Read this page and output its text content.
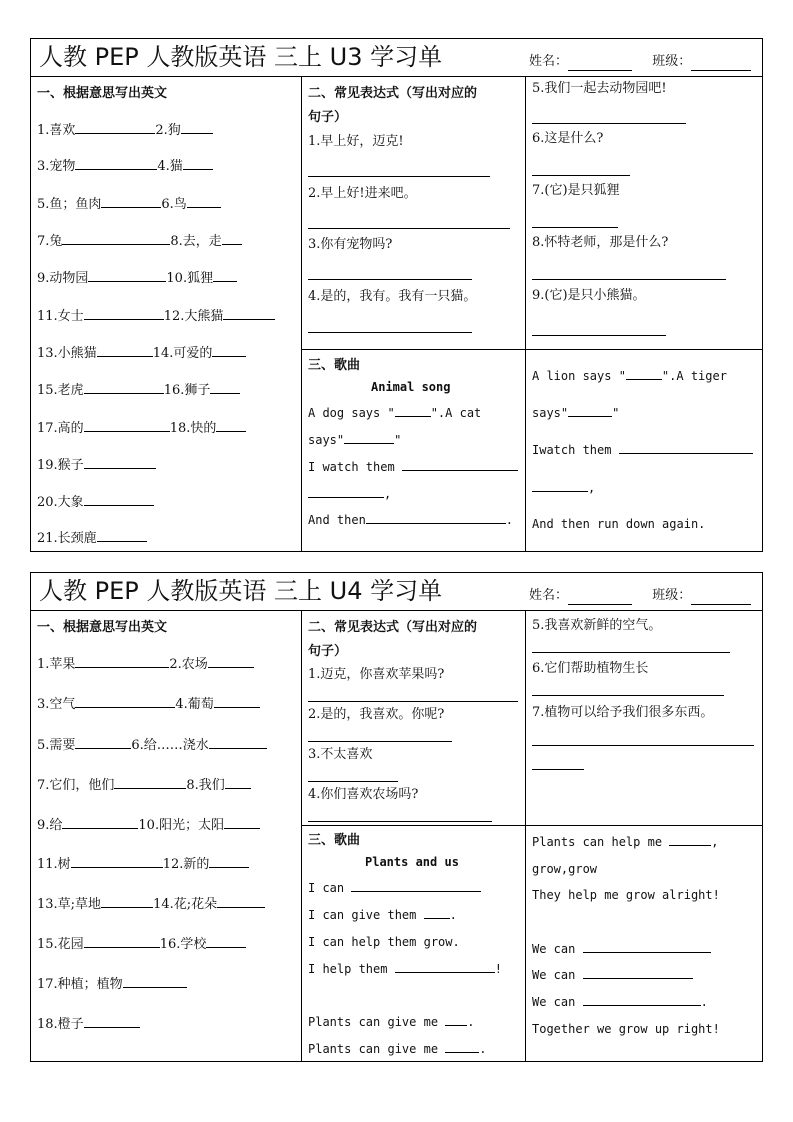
人教 PEP 人教版英语 三上 U3 学习单	姓名：	班级：
一、根据意思写出英文
1.喜欢	2.狗
3.宠物	4.猫
5.鱼；鱼肉	6.鸟
7.兔	8.去，走
9.动物园	10.狐狸
11.女士	12.大熊猫
13.小熊猫	14.可爱的
15.老虎	16.狮子
17.高的	18.快的
19.猴子
20.大象
21.长颈鹿
二、常见表达式（写出对应的
句子）
1.早上好，迈克!
2.早上好!进来吧。
3.你有宠物吗?
4.是的，我有。我有一只猫。
5.我们一起去动物园吧!
6.这是什么?
7.(它)是只狐狸
8.怀特老师，那是什么?
9.(它)是只小熊猫。
三、歌曲
Animal song
A dog says "	".A cat
says"	"
I watch them
,
And then	.
A lion says "	".A tiger
says"	"
Iwatch them
,
And then run down again.
人教 PEP 人教版英语 三上 U4 学习单	姓名：	班级：
一、根据意思写出英文
1.苹果	2.农场
3.空气	4.葡萄
5.需要	6.给……浇水
7.它们，他们	8.我们
9.给	10.阳光；太阳
11.树	12.新的
13.草;草地	14.花;花朵
15.花园	16.学校
17.种植；植物
18.橙子
二、常见表达式（写出对应的
句子）
1.迈克，你喜欢苹果吗?
2.是的，我喜欢。你呢?
3.不太喜欢
4.你们喜欢农场吗?
5.我喜欢新鲜的空气。
6.它们帮助植物生长
7.植物可以给予我们很多东西。
三、歌曲
Plants and us
I can
I can give them	.
I can help them grow.
I help them	!
Plants can give me .
Plants can give me	.
Plants can help me	,
grow,grow
They help me grow alright!
We can
We can
We can	.
Together we grow up right!
